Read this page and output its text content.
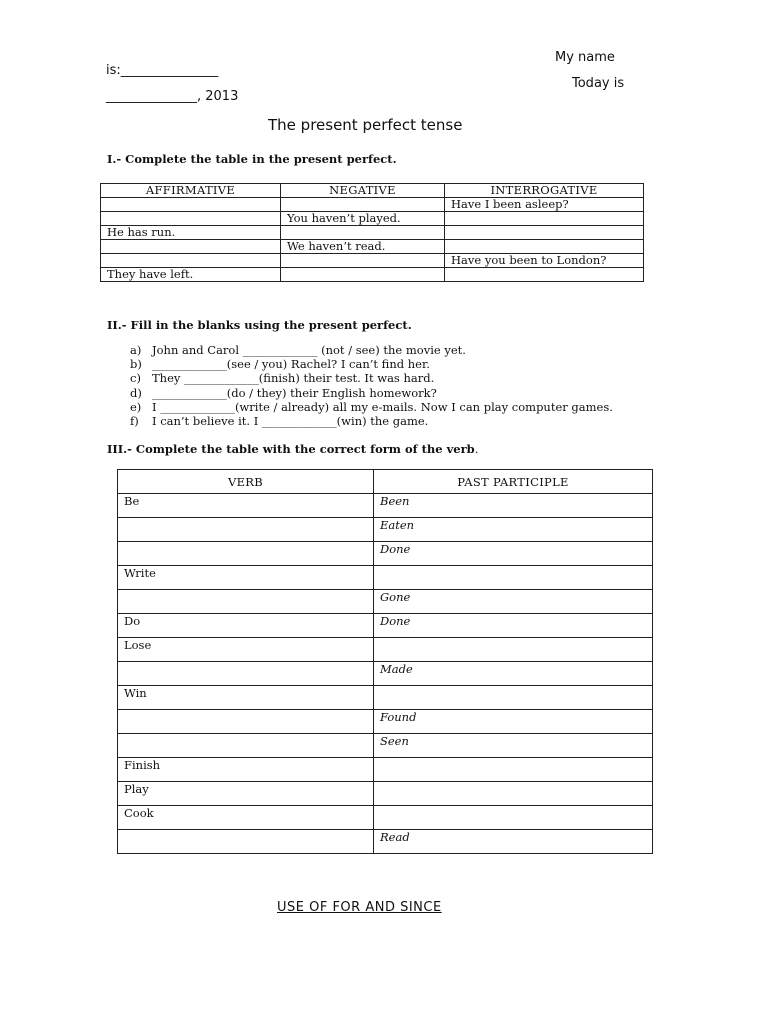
My name
is:_______________
Today is
______________, 2013
The present perfect tense
I.- Complete the table in the present perfect.
AFFIRMATIVE	NEGATIVE	INTERROGATIVE
		Have I been asleep?
	You haven’t played.	
He has run.		
	We haven’t read.	
		Have you been to London?
They have left.		
II.- Fill in the blanks using the present perfect.
a) John and Carol _____________ (not / see) the movie yet.
b) _____________(see / you) Rachel? I can’t find her.
c) They _____________(finish) their test. It was hard.
d) _____________(do / they) their English homework?
e) I _____________(write / already) all my e-mails. Now I can play computer games.
f) I can’t believe it. I _____________(win) the game.
III.- Complete the table with the correct form of the verb.
VERB	PAST PARTICIPLE
Be	Been
	Eaten
	Done
Write	
	Gone
Do	Done
Lose	
	Made
Win	
	Found
	Seen
Finish	
Play	
Cook	
	Read
USE OF FOR AND SINCE
